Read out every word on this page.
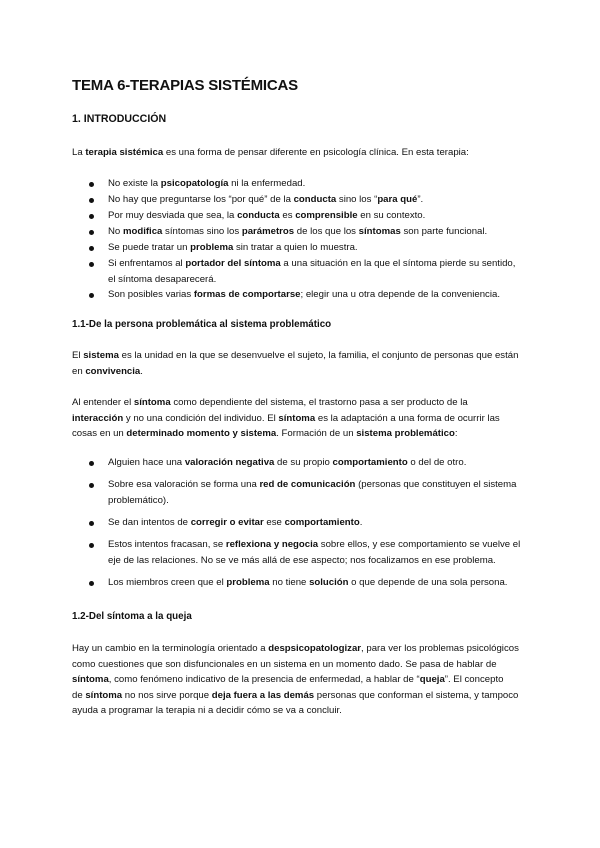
TEMA 6-TERAPIAS SISTÉMICAS
1. INTRODUCCIÓN

La terapia sistémica es una forma de pensar diferente en psicología clínica. En esta terapia:

No existe la psicopatología ni la enfermedad.
No hay que preguntarse los “por qué” de la conducta sino los “para qué”.
Por muy desviada que sea, la conducta es comprensible en su contexto.
No modifica síntomas sino los parámetros de los que los síntomas son parte funcional.
Se puede tratar un problema sin tratar a quien lo muestra.
Si enfrentamos al portador del síntoma a una situación en la que el síntoma pierde su sentido,
el síntoma desaparecerá.
Son posibles varias formas de comportarse; elegir una u otra depende de la conveniencia.
1.1-De la persona problemática al sistema problemático

El sistema es la unidad en la que se desenvuelve el sujeto, la familia, el conjunto de personas que están
en convivencia.

Al entender el síntoma como dependiente del sistema, el trastorno pasa a ser producto de la
interacción y no una condición del individuo. El síntoma es la adaptación a una forma de ocurrir las
cosas en un determinado momento y sistema. Formación de un sistema problemático:

Alguien hace una valoración negativa de su propio comportamiento o del de otro.
Sobre esa valoración se forma una red de comunicación (personas que constituyen el sistema
problemático).
Se dan intentos de corregir o evitar ese comportamiento.
Estos intentos fracasan, se reflexiona y negocia sobre ellos, y ese comportamiento se vuelve el
eje de las relaciones. No se ve más allá de ese aspecto; nos focalizamos en ese problema.
Los miembros creen que el problema no tiene solución o que depende de una sola persona.
1.2-Del síntoma a la queja

Hay un cambio en la terminología orientado a despsicopatologizar, para ver los problemas psicológicos
como cuestiones que son disfuncionales en un sistema en un momento dado. Se pasa de hablar de
síntoma, como fenómeno indicativo de la presencia de enfermedad, a hablar de “queja”. El concepto
de síntoma no nos sirve porque deja fuera a las demás personas que conforman el sistema, y tampoco
ayuda a programar la terapia ni a decidir cómo se va a concluir.
